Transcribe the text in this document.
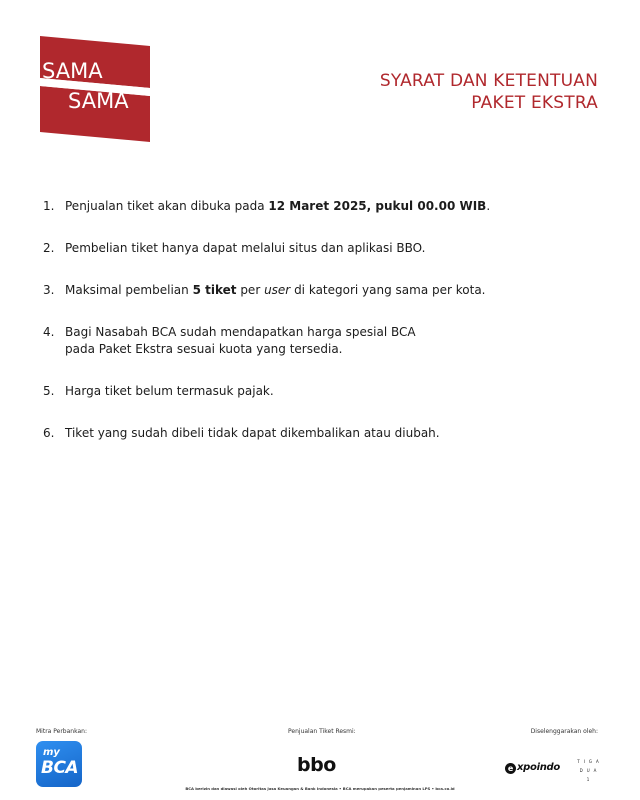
SAMA
SAMA
SYARAT DAN KETENTUAN
PAKET EKSTRA
1. Penjualan tiket akan dibuka pada 12 Maret 2025, pukul 00.00 WIB.
2. Pembelian tiket hanya dapat melalui situs dan aplikasi BBO.
3. Maksimal pembelian 5 tiket per user di kategori yang sama per kota.
4. Bagi Nasabah BCA sudah mendapatkan harga spesial BCA
pada Paket Ekstra sesuai kuota yang tersedia.
5. Harga tiket belum termasuk pajak.
6. Tiket yang sudah dibeli tidak dapat dikembalikan atau diubah.
Mitra Perbankan:	Penjualan Tiket Resmi:	Diselenggarakan oleh:
my
BCA	bbo	e xpoindo
TIGA
DUA
1
BCA berizin dan diawasi oleh Otoritas Jasa Keuangan & Bank Indonesia • BCA merupakan peserta penjaminan LPS • bca.co.id
